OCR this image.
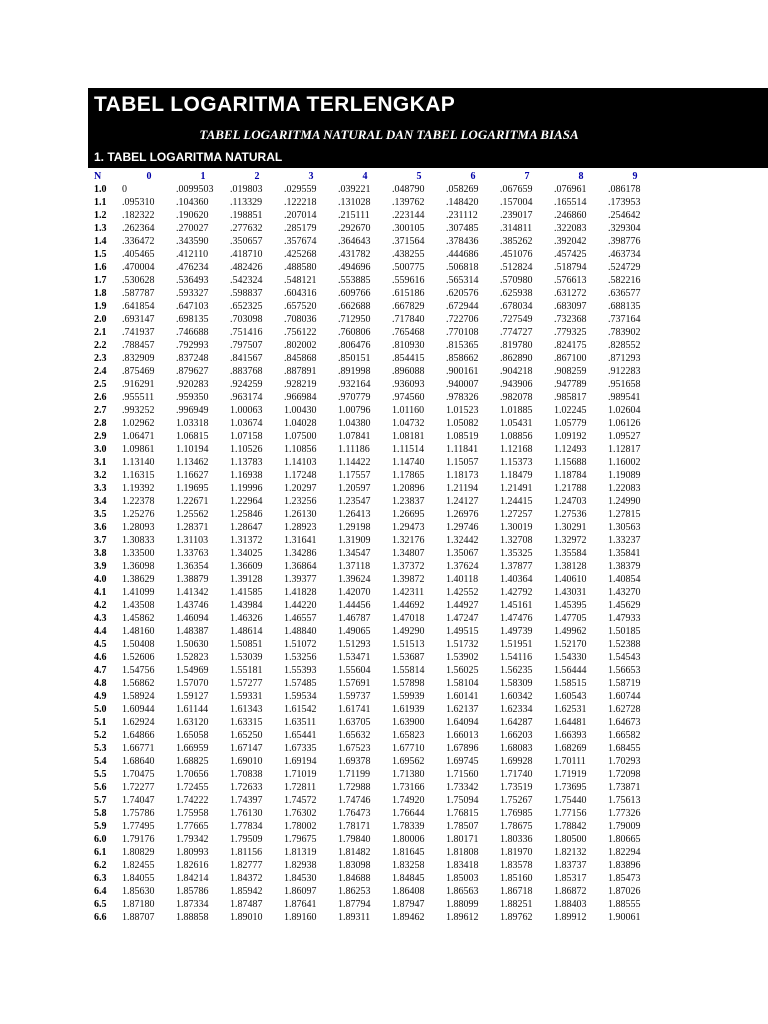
TABEL LOGARITMA TERLENGKAP
TABEL LOGARITMA NATURAL DAN TABEL LOGARITMA BIASA
1. TABEL LOGARITMA NATURAL
N	0	1	2	3	4	5	6	7	8	9
1.0	0	.0099503	.019803	.029559	.039221	.048790	.058269	.067659	.076961	.086178
1.1	.095310	.104360	.113329	.122218	.131028	.139762	.148420	.157004	.165514	.173953
1.2	.182322	.190620	.198851	.207014	.215111	.223144	.231112	.239017	.246860	.254642
1.3	.262364	.270027	.277632	.285179	.292670	.300105	.307485	.314811	.322083	.329304
1.4	.336472	.343590	.350657	.357674	.364643	.371564	.378436	.385262	.392042	.398776
1.5	.405465	.412110	.418710	.425268	.431782	.438255	.444686	.451076	.457425	.463734
1.6	.470004	.476234	.482426	.488580	.494696	.500775	.506818	.512824	.518794	.524729
1.7	.530628	.536493	.542324	.548121	.553885	.559616	.565314	.570980	.576613	.582216
1.8	.587787	.593327	.598837	.604316	.609766	.615186	.620576	.625938	.631272	.636577
1.9	.641854	.647103	.652325	.657520	.662688	.667829	.672944	.678034	.683097	.688135
2.0	.693147	.698135	.703098	.708036	.712950	.717840	.722706	.727549	.732368	.737164
2.1	.741937	.746688	.751416	.756122	.760806	.765468	.770108	.774727	.779325	.783902
2.2	.788457	.792993	.797507	.802002	.806476	.810930	.815365	.819780	.824175	.828552
2.3	.832909	.837248	.841567	.845868	.850151	.854415	.858662	.862890	.867100	.871293
2.4	.875469	.879627	.883768	.887891	.891998	.896088	.900161	.904218	.908259	.912283
2.5	.916291	.920283	.924259	.928219	.932164	.936093	.940007	.943906	.947789	.951658
2.6	.955511	.959350	.963174	.966984	.970779	.974560	.978326	.982078	.985817	.989541
2.7	.993252	.996949	1.00063	1.00430	1.00796	1.01160	1.01523	1.01885	1.02245	1.02604
2.8	1.02962	1.03318	1.03674	1.04028	1.04380	1.04732	1.05082	1.05431	1.05779	1.06126
2.9	1.06471	1.06815	1.07158	1.07500	1.07841	1.08181	1.08519	1.08856	1.09192	1.09527
3.0	1.09861	1.10194	1.10526	1.10856	1.11186	1.11514	1.11841	1.12168	1.12493	1.12817
3.1	1.13140	1.13462	1.13783	1.14103	1.14422	1.14740	1.15057	1.15373	1.15688	1.16002
3.2	1.16315	1.16627	1.16938	1.17248	1.17557	1.17865	1.18173	1.18479	1.18784	1.19089
3.3	1.19392	1.19695	1.19996	1.20297	1.20597	1.20896	1.21194	1.21491	1.21788	1.22083
3.4	1.22378	1.22671	1.22964	1.23256	1.23547	1.23837	1.24127	1.24415	1.24703	1.24990
3.5	1.25276	1.25562	1.25846	1.26130	1.26413	1.26695	1.26976	1.27257	1.27536	1.27815
3.6	1.28093	1.28371	1.28647	1.28923	1.29198	1.29473	1.29746	1.30019	1.30291	1.30563
3.7	1.30833	1.31103	1.31372	1.31641	1.31909	1.32176	1.32442	1.32708	1.32972	1.33237
3.8	1.33500	1.33763	1.34025	1.34286	1.34547	1.34807	1.35067	1.35325	1.35584	1.35841
3.9	1.36098	1.36354	1.36609	1.36864	1.37118	1.37372	1.37624	1.37877	1.38128	1.38379
4.0	1.38629	1.38879	1.39128	1.39377	1.39624	1.39872	1.40118	1.40364	1.40610	1.40854
4.1	1.41099	1.41342	1.41585	1.41828	1.42070	1.42311	1.42552	1.42792	1.43031	1.43270
4.2	1.43508	1.43746	1.43984	1.44220	1.44456	1.44692	1.44927	1.45161	1.45395	1.45629
4.3	1.45862	1.46094	1.46326	1.46557	1.46787	1.47018	1.47247	1.47476	1.47705	1.47933
4.4	1.48160	1.48387	1.48614	1.48840	1.49065	1.49290	1.49515	1.49739	1.49962	1.50185
4.5	1.50408	1.50630	1.50851	1.51072	1.51293	1.51513	1.51732	1.51951	1.52170	1.52388
4.6	1.52606	1.52823	1.53039	1.53256	1.53471	1.53687	1.53902	1.54116	1.54330	1.54543
4.7	1.54756	1.54969	1.55181	1.55393	1.55604	1.55814	1.56025	1.56235	1.56444	1.56653
4.8	1.56862	1.57070	1.57277	1.57485	1.57691	1.57898	1.58104	1.58309	1.58515	1.58719
4.9	1.58924	1.59127	1.59331	1.59534	1.59737	1.59939	1.60141	1.60342	1.60543	1.60744
5.0	1.60944	1.61144	1.61343	1.61542	1.61741	1.61939	1.62137	1.62334	1.62531	1.62728
5.1	1.62924	1.63120	1.63315	1.63511	1.63705	1.63900	1.64094	1.64287	1.64481	1.64673
5.2	1.64866	1.65058	1.65250	1.65441	1.65632	1.65823	1.66013	1.66203	1.66393	1.66582
5.3	1.66771	1.66959	1.67147	1.67335	1.67523	1.67710	1.67896	1.68083	1.68269	1.68455
5.4	1.68640	1.68825	1.69010	1.69194	1.69378	1.69562	1.69745	1.69928	1.70111	1.70293
5.5	1.70475	1.70656	1.70838	1.71019	1.71199	1.71380	1.71560	1.71740	1.71919	1.72098
5.6	1.72277	1.72455	1.72633	1.72811	1.72988	1.73166	1.73342	1.73519	1.73695	1.73871
5.7	1.74047	1.74222	1.74397	1.74572	1.74746	1.74920	1.75094	1.75267	1.75440	1.75613
5.8	1.75786	1.75958	1.76130	1.76302	1.76473	1.76644	1.76815	1.76985	1.77156	1.77326
5.9	1.77495	1.77665	1.77834	1.78002	1.78171	1.78339	1.78507	1.78675	1.78842	1.79009
6.0	1.79176	1.79342	1.79509	1.79675	1.79840	1.80006	1.80171	1.80336	1.80500	1.80665
6.1	1.80829	1.80993	1.81156	1.81319	1.81482	1.81645	1.81808	1.81970	1.82132	1.82294
6.2	1.82455	1.82616	1.82777	1.82938	1.83098	1.83258	1.83418	1.83578	1.83737	1.83896
6.3	1.84055	1.84214	1.84372	1.84530	1.84688	1.84845	1.85003	1.85160	1.85317	1.85473
6.4	1.85630	1.85786	1.85942	1.86097	1.86253	1.86408	1.86563	1.86718	1.86872	1.87026
6.5	1.87180	1.87334	1.87487	1.87641	1.87794	1.87947	1.88099	1.88251	1.88403	1.88555
6.6	1.88707	1.88858	1.89010	1.89160	1.89311	1.89462	1.89612	1.89762	1.89912	1.90061
